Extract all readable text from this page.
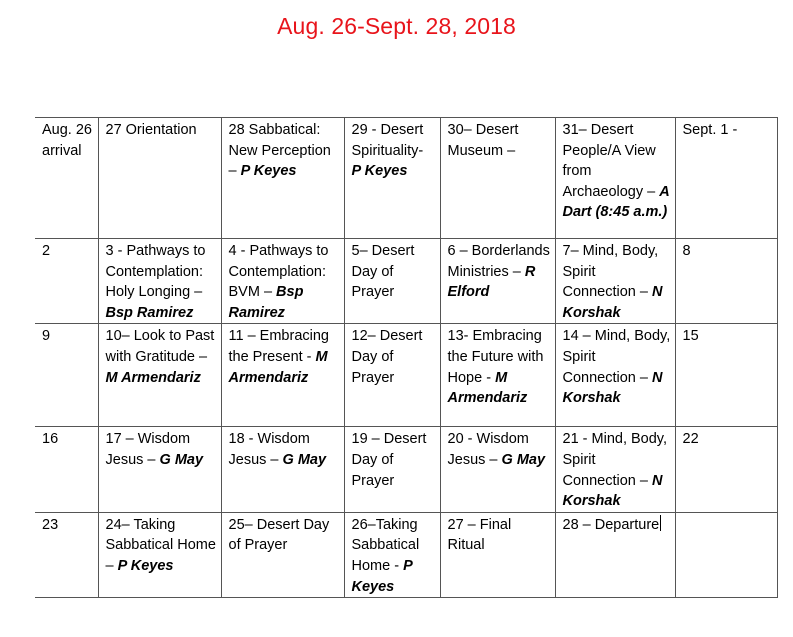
Aug. 26-Sept. 28, 2018
Aug. 26 arrival	27 Orientation	28 Sabbatical: New Perception – P Keyes	29 - Desert Spirituality- P Keyes	30– Desert Museum –	31– Desert People/A View from Archaeology – A Dart (8:45 a.m.)	Sept. 1 -
2	3 - Pathways to Contemplation: Holy Longing – Bsp Ramirez	4 - Pathways to Contemplation: BVM – Bsp Ramirez	5– Desert Day of Prayer	6 – Borderlands Ministries – R Elford	7– Mind, Body, Spirit Connection – N Korshak	8
9	10– Look to Past with Gratitude – M Armendariz	11 – Embracing the Present - M Armendariz	12– Desert Day of Prayer	13- Embracing the Future with Hope - M Armendariz	14 – Mind, Body, Spirit Connection – N Korshak	15
16	17 – Wisdom Jesus – G May	18 - Wisdom Jesus – G May	19 – Desert Day of Prayer	20 - Wisdom Jesus – G May	21 - Mind, Body, Spirit Connection – N Korshak	22
23	24– Taking Sabbatical Home – P Keyes	25– Desert Day of Prayer	26–Taking Sabbatical Home - P Keyes	27 – Final Ritual	28 – Departure	
